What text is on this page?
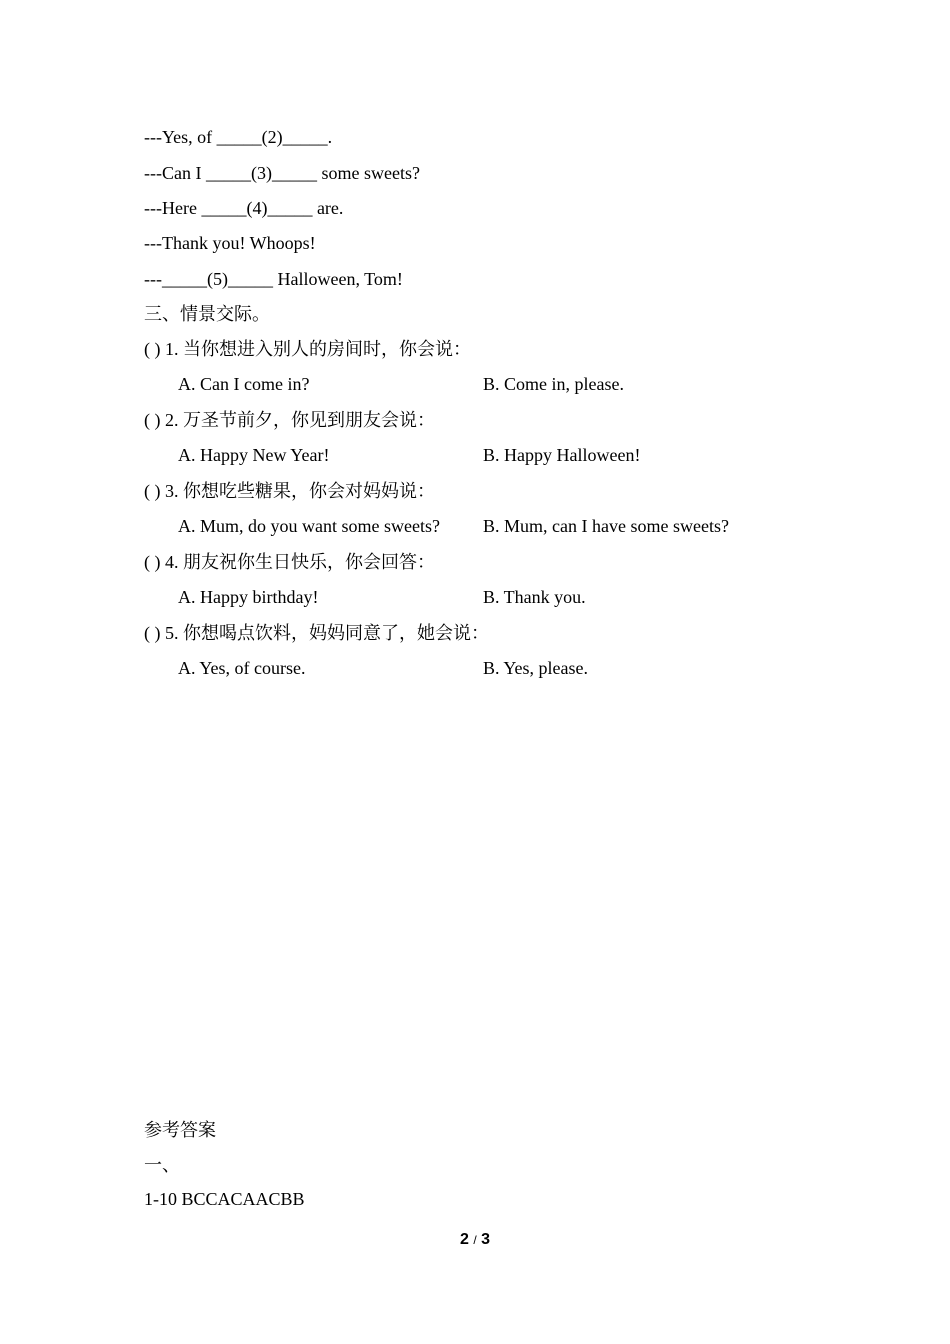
---Yes, of _____(2)_____.
---Can I _____(3)_____ some sweets?
---Here _____(4)_____ are.
---Thank you! Whoops!
---_____(5)_____ Halloween, Tom!
三、情景交际。
( ) 1. 当你想进入别人的房间时，你会说：
A. Can I come in?	B. Come in, please.
( ) 2. 万圣节前夕，你见到朋友会说：
A. Happy New Year!	B. Happy Halloween!
( ) 3. 你想吃些糖果，你会对妈妈说：
A. Mum, do you want some sweets? B. Mum, can I have some sweets?
( ) 4. 朋友祝你生日快乐，你会回答：
A. Happy birthday!	B. Thank you.
( ) 5. 你想喝点饮料，妈妈同意了，她会说：
A. Yes, of course.	B. Yes, please.
参考答案
一、
1-10 BCCACAACBB
2 / 3
